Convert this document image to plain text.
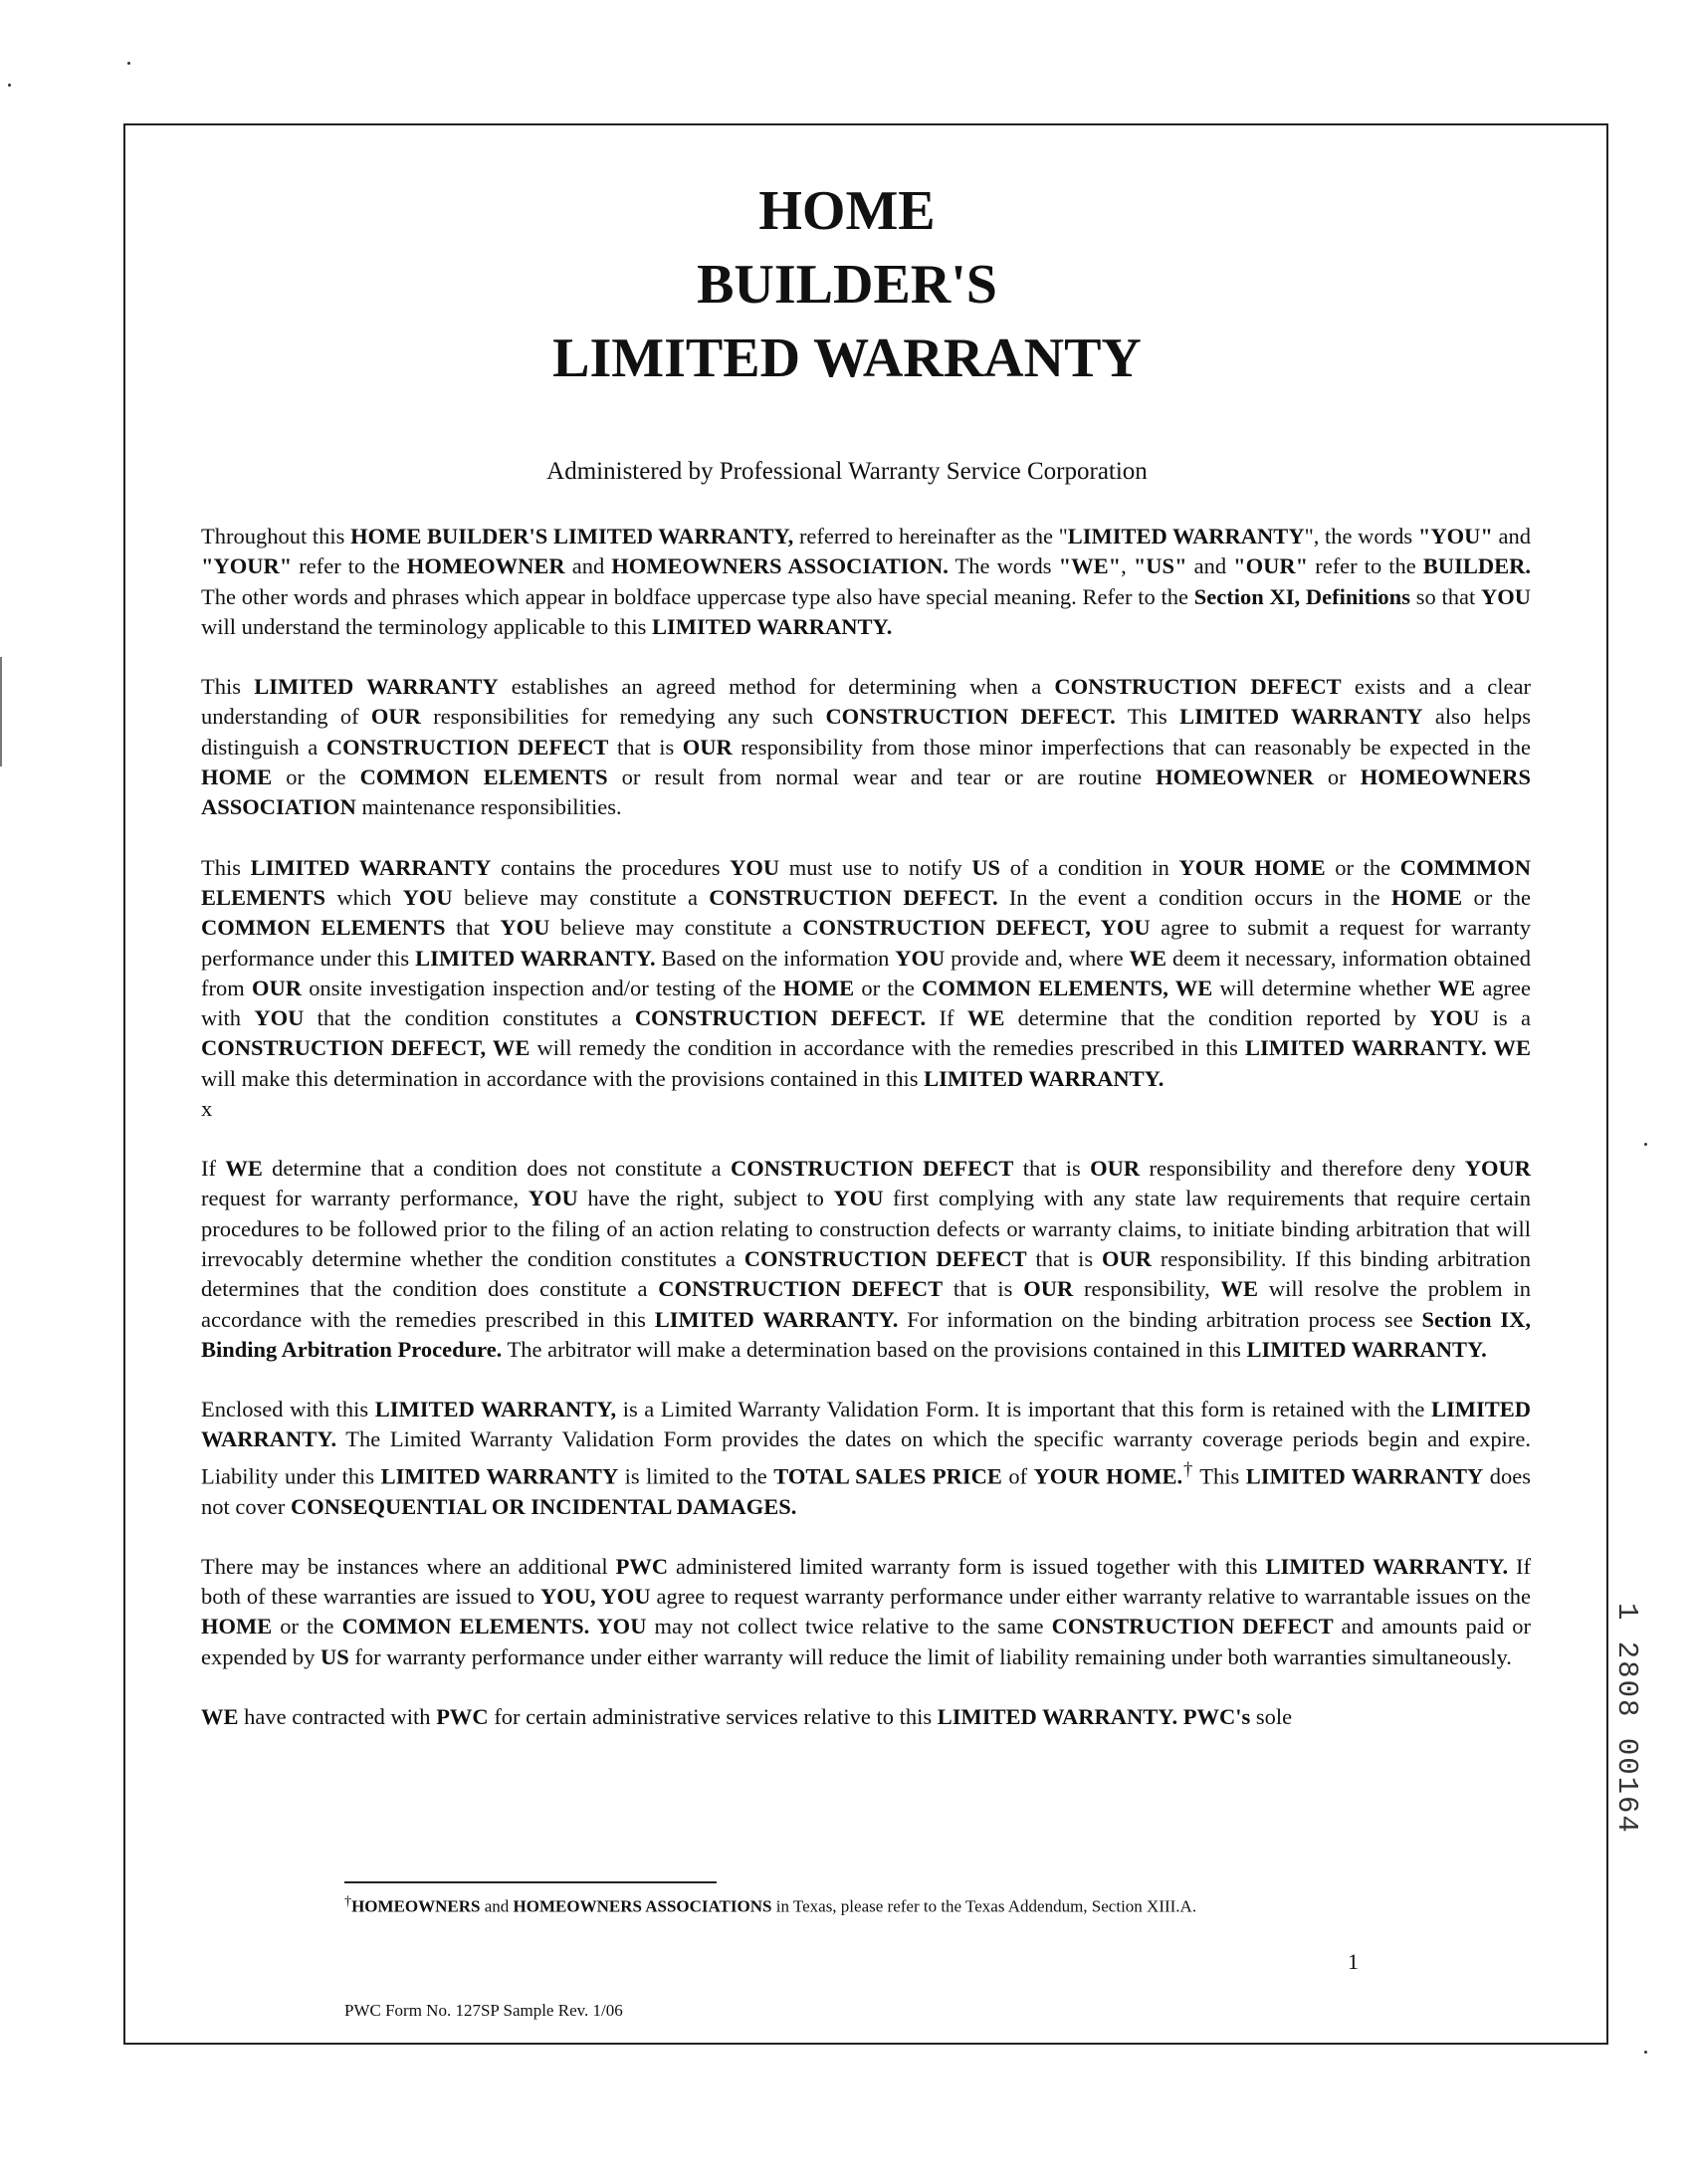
HOME
BUILDER'S
LIMITED WARRANTY

Administered by Professional Warranty Service Corporation

Throughout this HOME BUILDER'S LIMITED WARRANTY, referred to hereinafter as the "LIMITED WARRANTY", the words "YOU" and "YOUR" refer to the HOMEOWNER and HOMEOWNERS ASSOCIATION. The words "WE", "US" and "OUR" refer to the BUILDER. The other words and phrases which appear in boldface uppercase type also have special meaning. Refer to the Section XI, Definitions so that YOU will understand the terminology applicable to this LIMITED WARRANTY.

This LIMITED WARRANTY establishes an agreed method for determining when a CONSTRUCTION DEFECT exists and a clear understanding of OUR responsibilities for remedying any such CONSTRUCTION DEFECT. This LIMITED WARRANTY also helps distinguish a CONSTRUCTION DEFECT that is OUR responsibility from those minor imperfections that can reasonably be expected in the HOME or the COMMON ELEMENTS or result from normal wear and tear or are routine HOMEOWNER or HOMEOWNERS ASSOCIATION maintenance responsibilities.

This LIMITED WARRANTY contains the procedures YOU must use to notify US of a condition in YOUR HOME or the COMMMON ELEMENTS which YOU believe may constitute a CONSTRUCTION DEFECT. In the event a condition occurs in the HOME or the COMMON ELEMENTS that YOU believe may constitute a CONSTRUCTION DEFECT, YOU agree to submit a request for warranty performance under this LIMITED WARRANTY. Based on the information YOU provide and, where WE deem it necessary, information obtained from OUR onsite investigation inspection and/or testing of the HOME or the COMMON ELEMENTS, WE will determine whether WE agree with YOU that the condition constitutes a CONSTRUCTION DEFECT. If WE determine that the condition reported by YOU is a CONSTRUCTION DEFECT, WE will remedy the condition in accordance with the remedies prescribed in this LIMITED WARRANTY. WE will make this determination in accordance with the provisions contained in this LIMITED WARRANTY.

x

If WE determine that a condition does not constitute a CONSTRUCTION DEFECT that is OUR responsibility and therefore deny YOUR request for warranty performance, YOU have the right, subject to YOU first complying with any state law requirements that require certain procedures to be followed prior to the filing of an action relating to construction defects or warranty claims, to initiate binding arbitration that will irrevocably determine whether the condition constitutes a CONSTRUCTION DEFECT that is OUR responsibility. If this binding arbitration determines that the condition does constitute a CONSTRUCTION DEFECT that is OUR responsibility, WE will resolve the problem in accordance with the remedies prescribed in this LIMITED WARRANTY. For information on the binding arbitration process see Section IX, Binding Arbitration Procedure. The arbitrator will make a determination based on the provisions contained in this LIMITED WARRANTY.

Enclosed with this LIMITED WARRANTY, is a Limited Warranty Validation Form. It is important that this form is retained with the LIMITED WARRANTY. The Limited Warranty Validation Form provides the dates on which the specific warranty coverage periods begin and expire. Liability under this LIMITED WARRANTY is limited to the TOTAL SALES PRICE of YOUR HOME.† This LIMITED WARRANTY does not cover CONSEQUENTIAL OR INCIDENTAL DAMAGES.

There may be instances where an additional PWC administered limited warranty form is issued together with this LIMITED WARRANTY. If both of these warranties are issued to YOU, YOU agree to request warranty performance under either warranty relative to warrantable issues on the HOME or the COMMON ELEMENTS. YOU may not collect twice relative to the same CONSTRUCTION DEFECT and amounts paid or expended by US for warranty performance under either warranty will reduce the limit of liability remaining under both warranties simultaneously.

WE have contracted with PWC for certain administrative services relative to this LIMITED WARRANTY. PWC's sole

†HOMEOWNERS and HOMEOWNERS ASSOCIATIONS in Texas, please refer to the Texas Addendum, Section XIII.A.
1
PWC Form No. 127SP Sample Rev. 1/06
1 2808 00164
